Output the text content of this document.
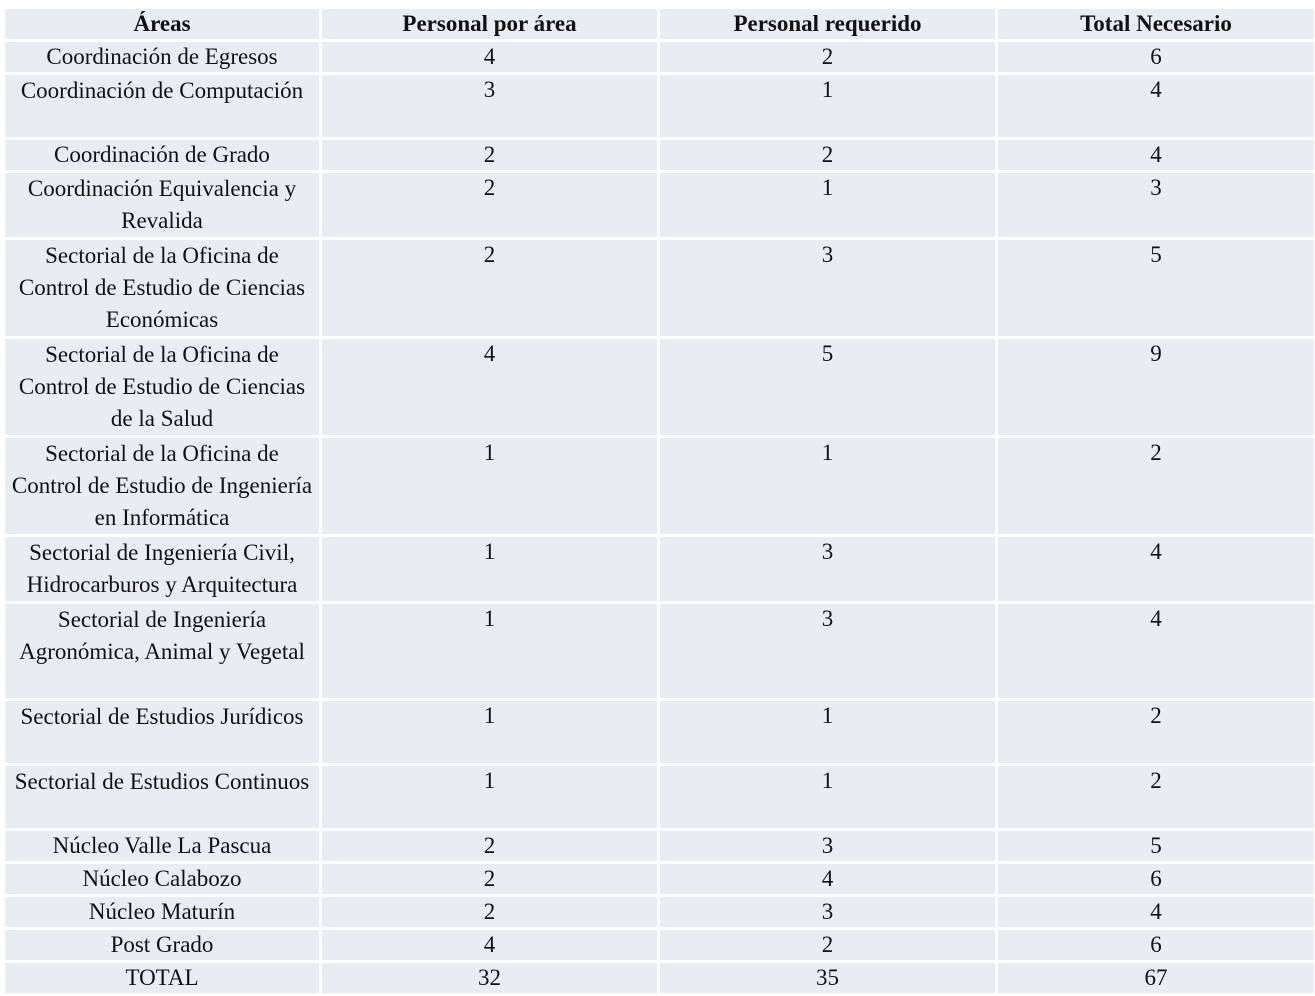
Áreas	Personal por área	Personal requerido	Total Necesario
Coordinación de Egresos	4	2	6
Coordinación de Computación	3	1	4
Coordinación de Grado	2	2	4
Coordinación Equivalencia y Revalida	2	1	3
Sectorial de la Oficina de Control de Estudio de Ciencias Económicas	2	3	5
Sectorial de la Oficina de Control de Estudio de Ciencias de la Salud	4	5	9
Sectorial de la Oficina de Control de Estudio de Ingeniería en Informática	1	1	2
Sectorial de Ingeniería Civil, Hidrocarburos y Arquitectura	1	3	4
Sectorial de Ingeniería Agronómica, Animal y Vegetal	1	3	4
Sectorial de Estudios Jurídicos	1	1	2
Sectorial de Estudios Continuos	1	1	2
Núcleo Valle La Pascua	2	3	5
Núcleo Calabozo	2	4	6
Núcleo Maturín	2	3	4
Post Grado	4	2	6
TOTAL	32	35	67
